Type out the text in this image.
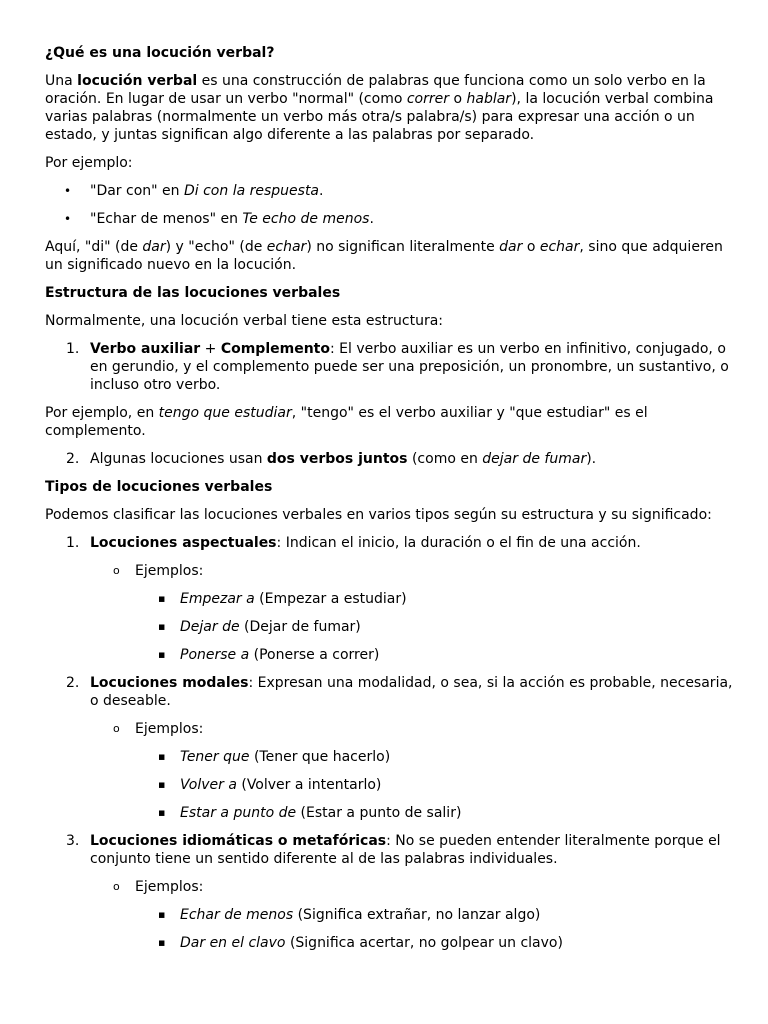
¿Qué es una locución verbal?

Una locución verbal es una construcción de palabras que funciona como un solo verbo en la oración. En lugar de usar un verbo "normal" (como correr o hablar), la locución verbal combina varias palabras (normalmente un verbo más otra/s palabra/s) para expresar una acción o un estado, y juntas significan algo diferente a las palabras por separado.

Por ejemplo:

• "Dar con" en Di con la respuesta.
• "Echar de menos" en Te echo de menos.

Aquí, "di" (de dar) y "echo" (de echar) no significan literalmente dar o echar, sino que adquieren un significado nuevo en la locución.

Estructura de las locuciones verbales

Normalmente, una locución verbal tiene esta estructura:

1. Verbo auxiliar + Complemento: El verbo auxiliar es un verbo en infinitivo, conjugado, o en gerundio, y el complemento puede ser una preposición, un pronombre, un sustantivo, o incluso otro verbo.

Por ejemplo, en tengo que estudiar, "tengo" es el verbo auxiliar y "que estudiar" es el complemento.

2. Algunas locuciones usan dos verbos juntos (como en dejar de fumar).

Tipos de locuciones verbales

Podemos clasificar las locuciones verbales en varios tipos según su estructura y su significado:

1. Locuciones aspectuales: Indican el inicio, la duración o el fin de una acción.
o Ejemplos:
▪ Empezar a (Empezar a estudiar)
▪ Dejar de (Dejar de fumar)
▪ Ponerse a (Ponerse a correr)
2. Locuciones modales: Expresan una modalidad, o sea, si la acción es probable, necesaria, o deseable.
o Ejemplos:
▪ Tener que (Tener que hacerlo)
▪ Volver a (Volver a intentarlo)
▪ Estar a punto de (Estar a punto de salir)
3. Locuciones idiomáticas o metafóricas: No se pueden entender literalmente porque el conjunto tiene un sentido diferente al de las palabras individuales.
o Ejemplos:
▪ Echar de menos (Significa extrañar, no lanzar algo)
▪ Dar en el clavo (Significa acertar, no golpear un clavo)
